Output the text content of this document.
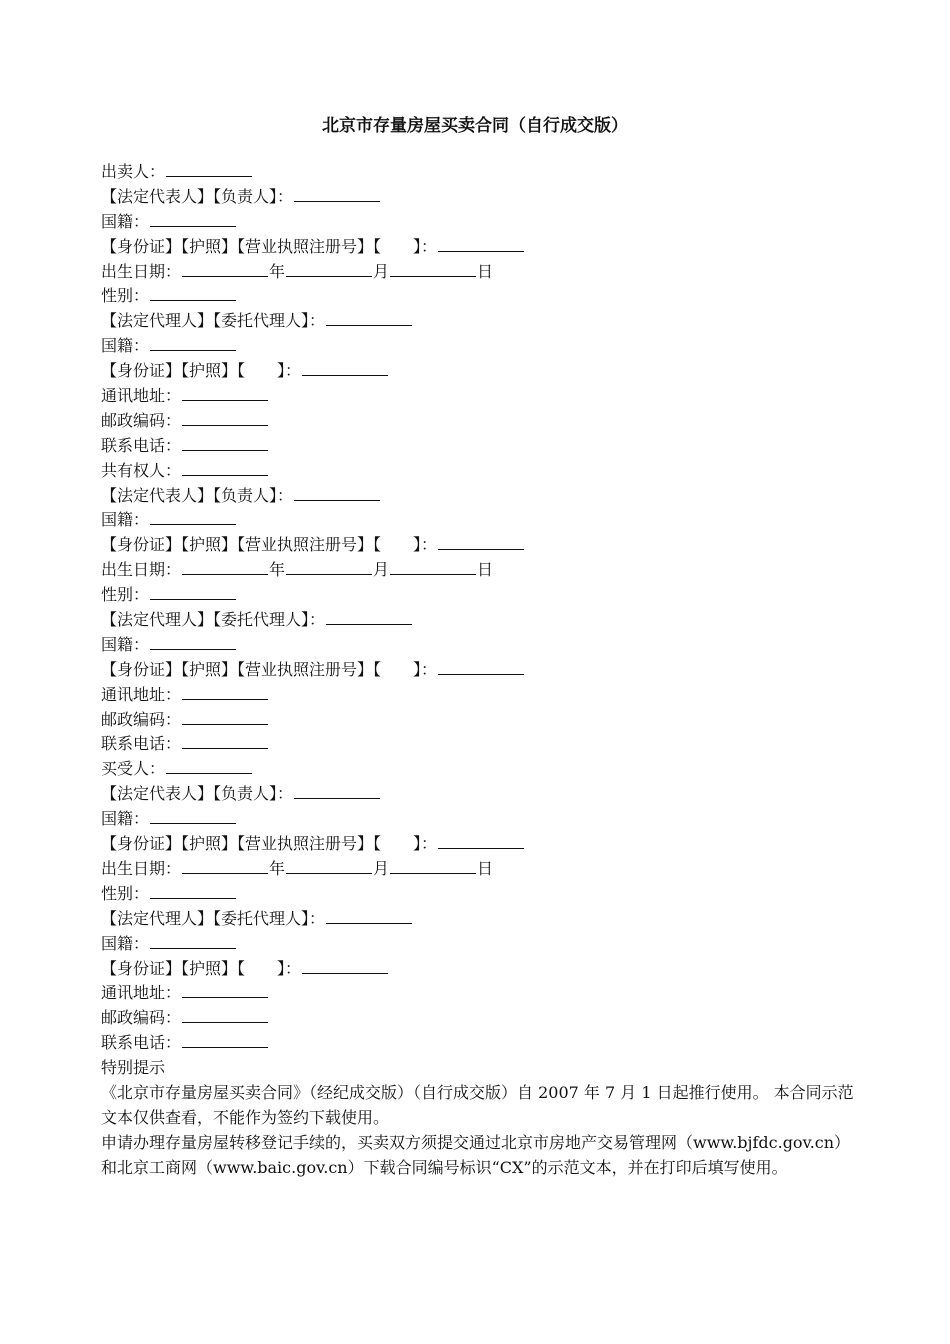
北京市存量房屋买卖合同（自行成交版）
出卖人：
【法定代表人】【负责人】：
国籍：
【身份证】【护照】【营业执照注册号】【　　】：
出生日期：	年	月	日
性别：
【法定代理人】【委托代理人】：
国籍：
【身份证】【护照】【　　】：
通讯地址：
邮政编码：
联系电话：
共有权人：
【法定代表人】【负责人】：
国籍：
【身份证】【护照】【营业执照注册号】【　　】：
出生日期：	年	月	日
性别：
【法定代理人】【委托代理人】：
国籍：
【身份证】【护照】【营业执照注册号】【　　】：
通讯地址：
邮政编码：
联系电话：
买受人：
【法定代表人】【负责人】：
国籍：
【身份证】【护照】【营业执照注册号】【　　】：
出生日期：	年	月	日
性别：
【法定代理人】【委托代理人】：
国籍：
【身份证】【护照】【　　】：
通讯地址：
邮政编码：
联系电话：
特别提示
《北京市存量房屋买卖合同》（经纪成交版）（自行成交版）自 2007 年 7 月 1 日起推行使用。 本合同示范文本仅供查看，不能作为签约下载使用。
申请办理存量房屋转移登记手续的，买卖双方须提交通过北京市房地产交易管理网（www.bjfdc.gov.cn）和北京工商网（www.baic.gov.cn）下载合同编号标识“CX”的示范文本，并在打印后填写使用。
